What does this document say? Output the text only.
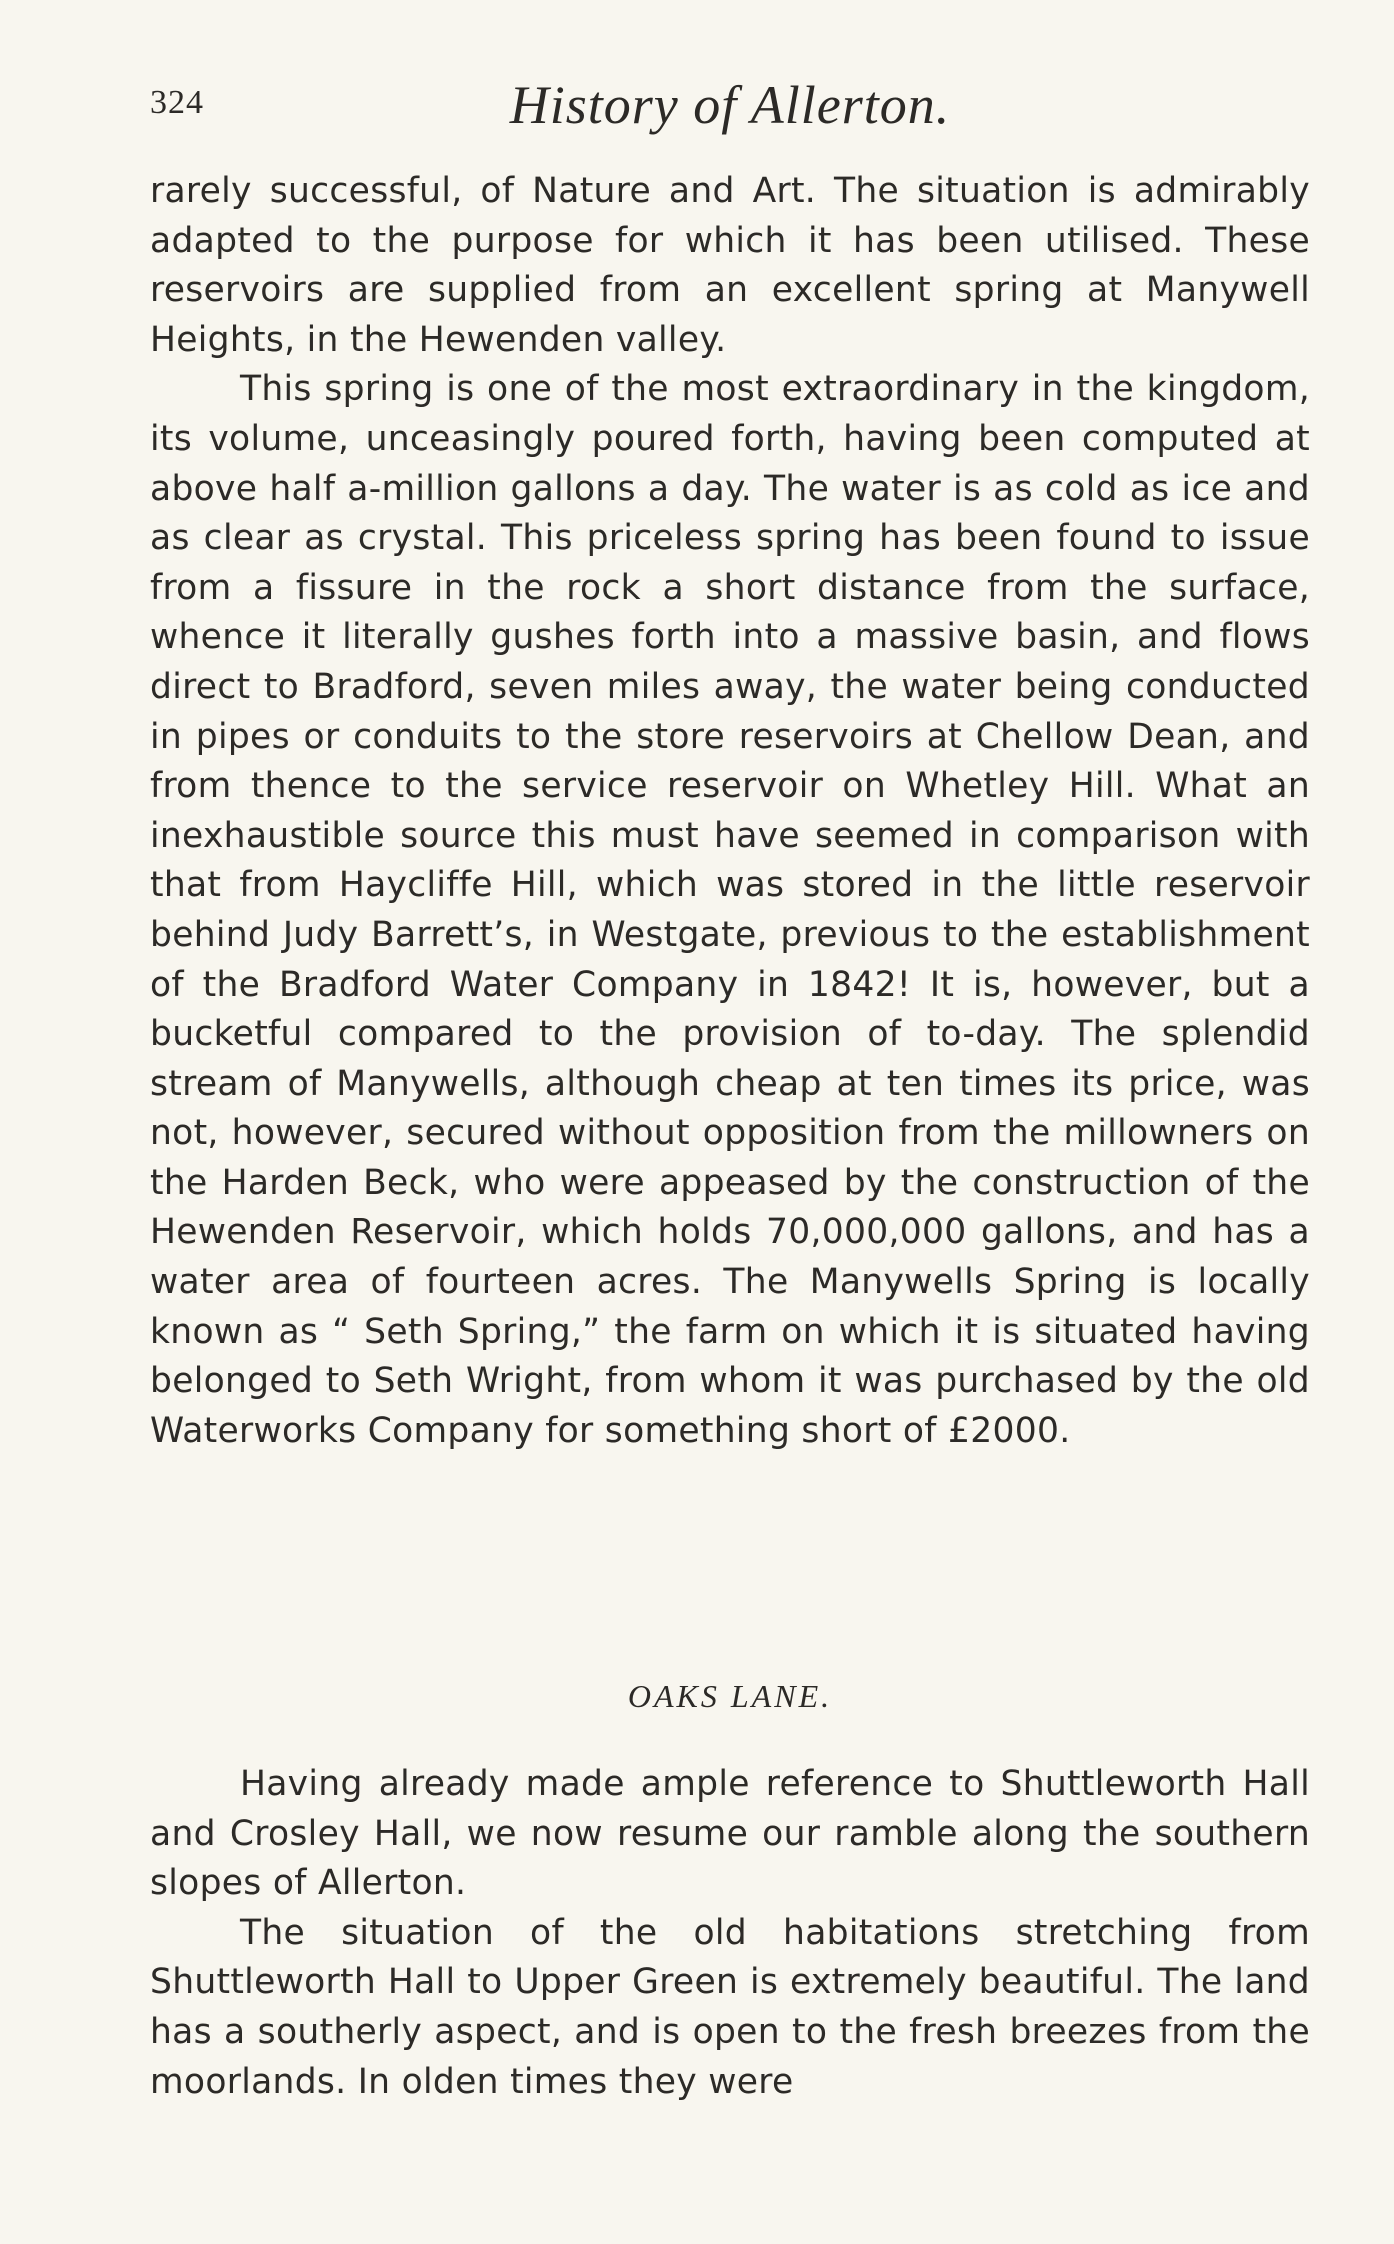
324	History of Allerton.

rarely successful, of Nature and Art. The situation is admirably adapted to the purpose for which it has been utilised. These reservoirs are supplied from an excellent spring at Manywell Heights, in the Hewenden valley.

This spring is one of the most extraordinary in the kingdom, its volume, unceasingly poured forth, having been computed at above half a-million gallons a day. The water is as cold as ice and as clear as crystal. This priceless spring has been found to issue from a fissure in the rock a short distance from the surface, whence it literally gushes forth into a massive basin, and flows direct to Bradford, seven miles away, the water being conducted in pipes or conduits to the store reservoirs at Chellow Dean, and from thence to the service reservoir on Whetley Hill. What an inexhaustible source this must have seemed in comparison with that from Haycliffe Hill, which was stored in the little reservoir behind Judy Barrett’s, in Westgate, previous to the establishment of the Bradford Water Company in 1842! It is, however, but a bucketful compared to the provision of to-day. The splendid stream of Manywells, although cheap at ten times its price, was not, however, secured without opposition from the millowners on the Harden Beck, who were appeased by the construction of the Hewenden Reservoir, which holds 70,000,000 gallons, and has a water area of fourteen acres. The Manywells Spring is locally known as “ Seth Spring,” the farm on which it is situated having belonged to Seth Wright, from whom it was purchased by the old Waterworks Company for something short of £2000.

OAKS LANE.

Having already made ample reference to Shuttleworth Hall and Crosley Hall, we now resume our ramble along the southern slopes of Allerton.

The situation of the old habitations stretching from Shuttleworth Hall to Upper Green is extremely beautiful. The land has a southerly aspect, and is open to the fresh breezes from the moorlands. In olden times they were
